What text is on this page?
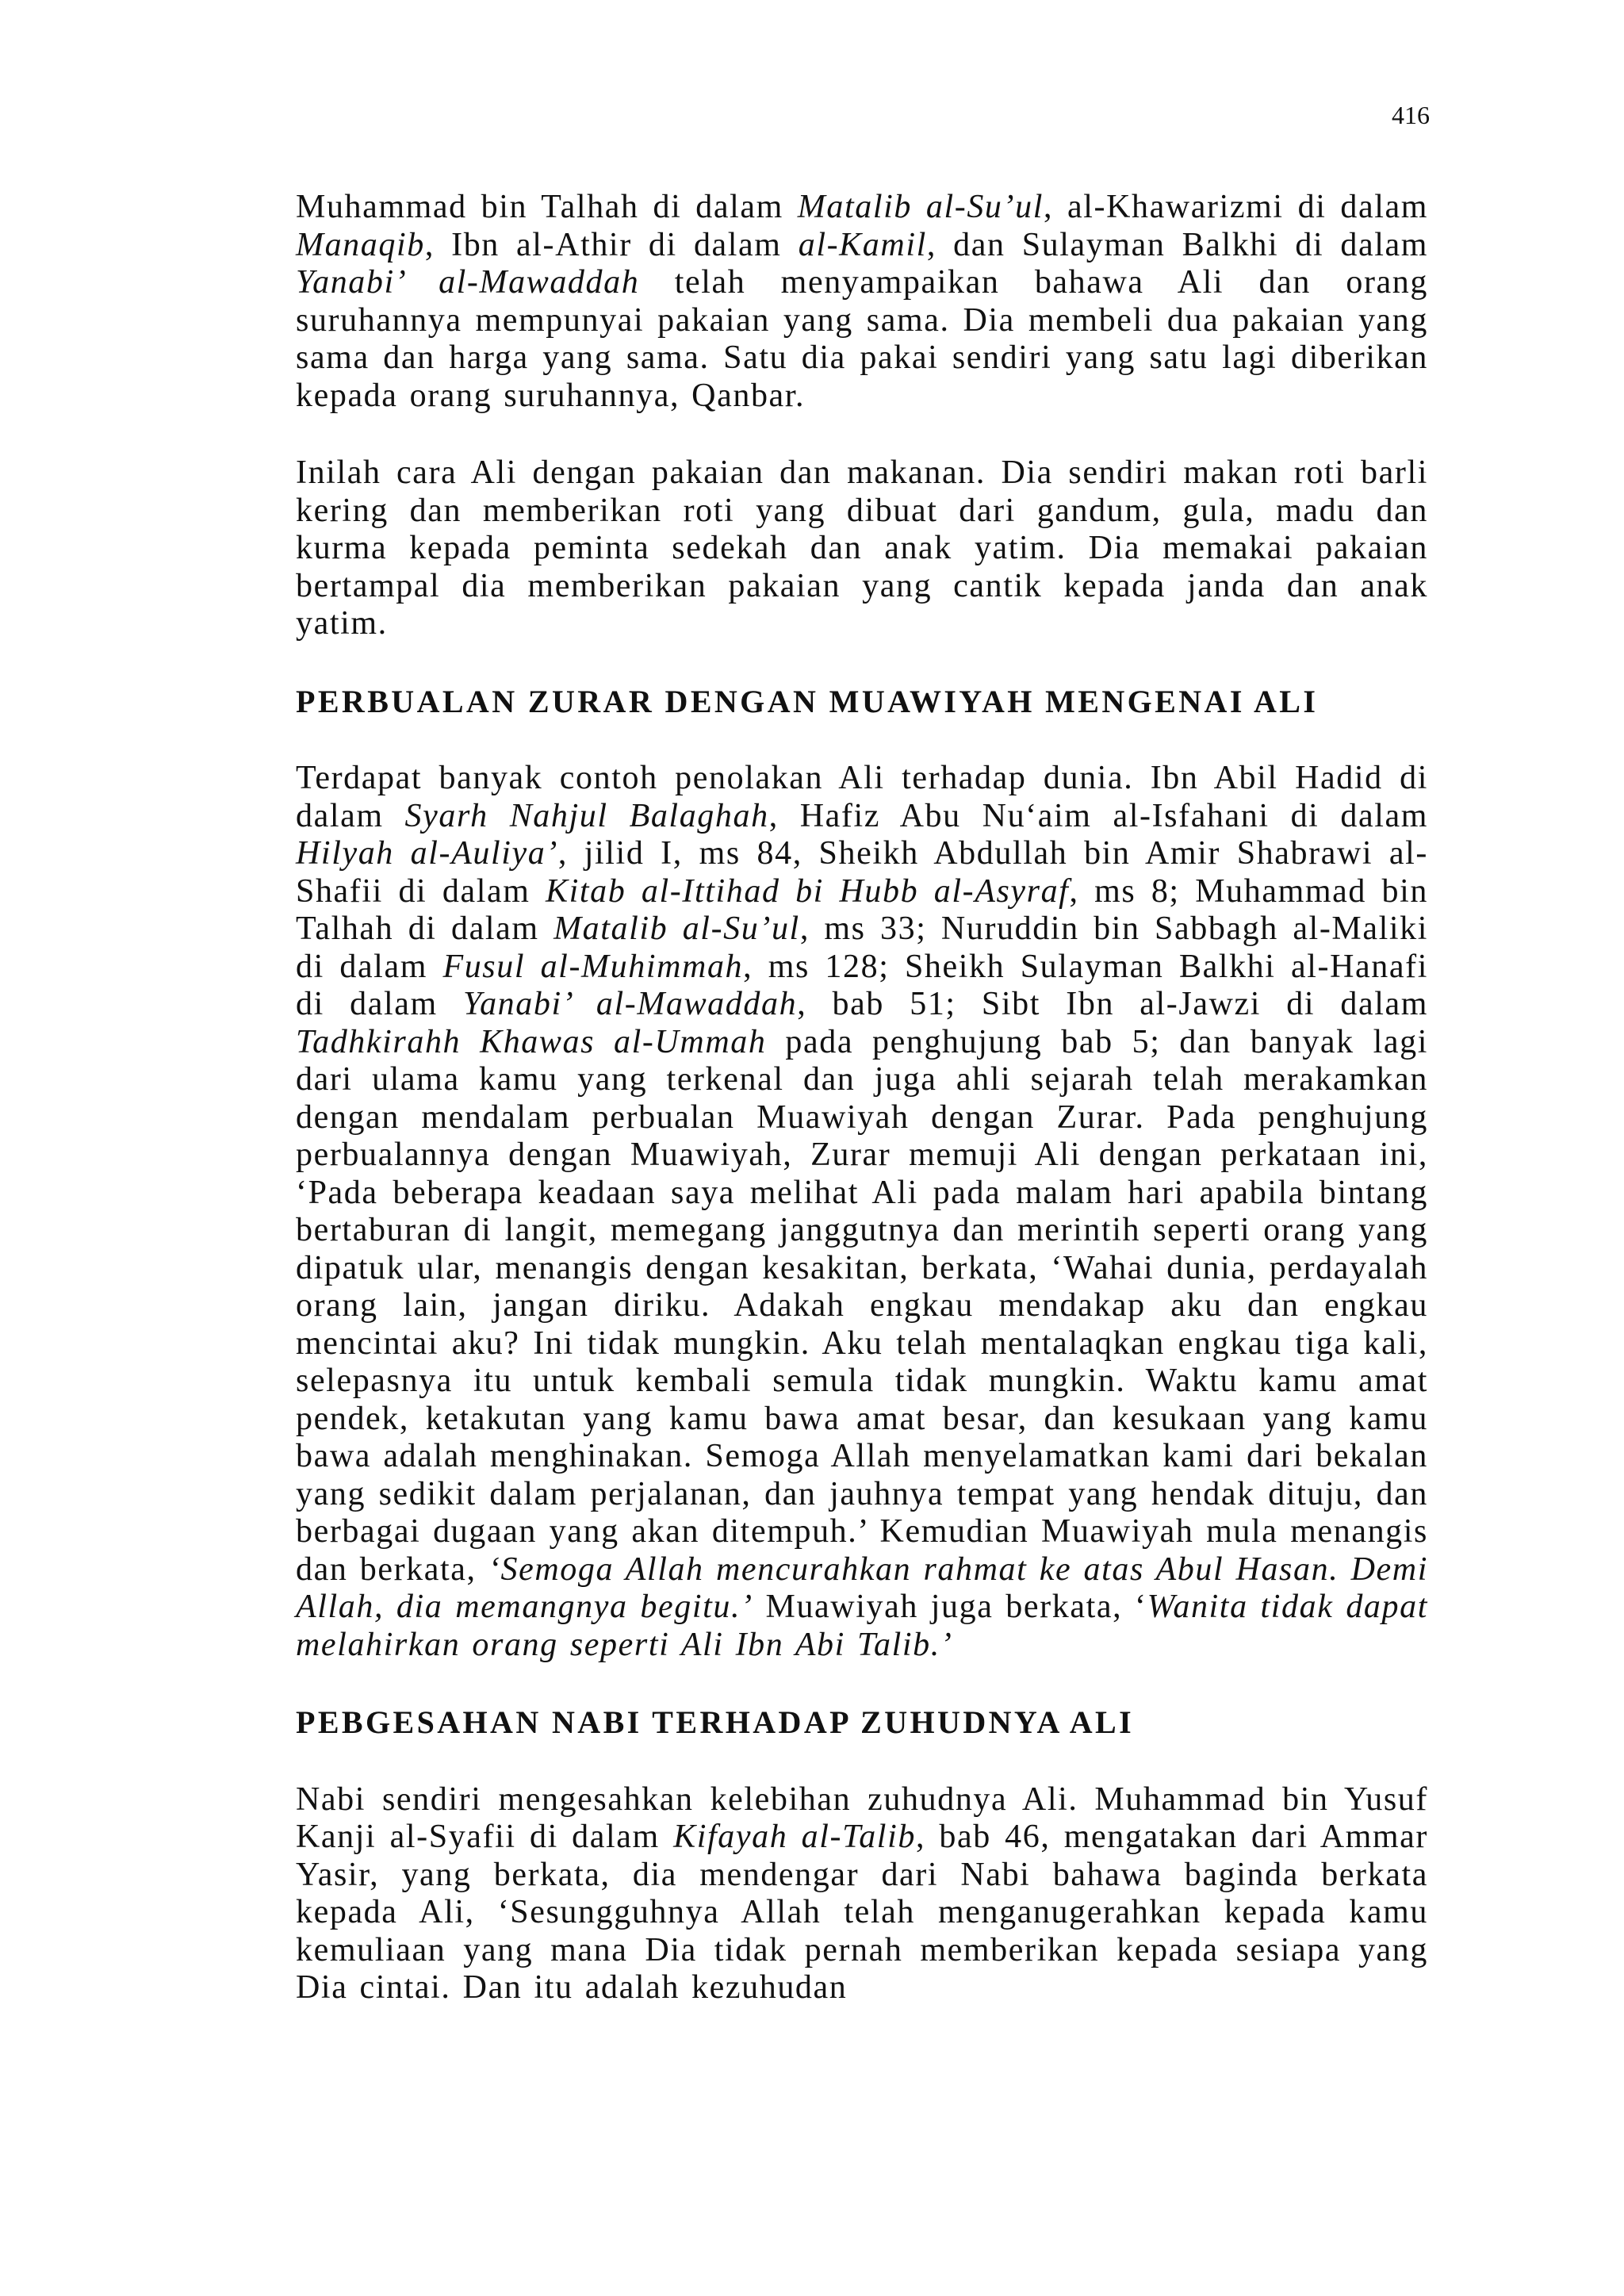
416

Muhammad bin Talhah di dalam Matalib al-Su’ul, al-Khawarizmi di dalam Manaqib, Ibn al-Athir di dalam al-Kamil, dan Sulayman Balkhi di dalam Yanabi’ al-Mawaddah telah menyampaikan bahawa Ali dan orang suruhannya mempunyai pakaian yang sama. Dia membeli dua pakaian yang sama dan harga yang sama. Satu dia pakai sendiri yang satu lagi diberikan kepada orang suruhannya, Qanbar.

Inilah cara Ali dengan pakaian dan makanan. Dia sendiri makan roti barli kering dan memberikan roti yang dibuat dari gandum, gula, madu dan kurma kepada peminta sedekah dan anak yatim. Dia memakai pakaian bertampal dia memberikan pakaian yang cantik kepada janda dan anak yatim.

PERBUALAN ZURAR DENGAN MUAWIYAH MENGENAI ALI

Terdapat banyak contoh penolakan Ali terhadap dunia. Ibn Abil Hadid di dalam Syarh Nahjul Balaghah, Hafiz Abu Nu‘aim al-Isfahani di dalam Hilyah al-Auliya’, jilid I, ms 84, Sheikh Abdullah bin Amir Shabrawi al-Shafii di dalam Kitab al-Ittihad bi Hubb al-Asyraf, ms 8; Muhammad bin Talhah di dalam Matalib al-Su’ul, ms 33; Nuruddin bin Sabbagh al-Maliki di dalam Fusul al-Muhimmah, ms 128; Sheikh Sulayman Balkhi al-Hanafi di dalam Yanabi’ al-Mawaddah, bab 51; Sibt Ibn al-Jawzi di dalam Tadhkirahh Khawas al-Ummah pada penghujung bab 5; dan banyak lagi dari ulama kamu yang terkenal dan juga ahli sejarah telah merakamkan dengan mendalam perbualan Muawiyah dengan Zurar. Pada penghujung perbualannya dengan Muawiyah, Zurar memuji Ali dengan perkataan ini, ‘Pada beberapa keadaan saya melihat Ali pada malam hari apabila bintang bertaburan di langit, memegang janggutnya dan merintih seperti orang yang dipatuk ular, menangis dengan kesakitan, berkata, ‘Wahai dunia, perdayalah orang lain, jangan diriku. Adakah engkau mendakap aku dan engkau mencintai aku? Ini tidak mungkin. Aku telah mentalaqkan engkau tiga kali, selepasnya itu untuk kembali semula tidak mungkin. Waktu kamu amat pendek, ketakutan yang kamu bawa amat besar, dan kesukaan yang kamu bawa adalah menghinakan. Semoga Allah menyelamatkan kami dari bekalan yang sedikit dalam perjalanan, dan jauhnya tempat yang hendak dituju, dan berbagai dugaan yang akan ditempuh.’ Kemudian Muawiyah mula menangis dan berkata, ‘Semoga Allah mencurahkan rahmat ke atas Abul Hasan. Demi Allah, dia memangnya begitu.’ Muawiyah juga berkata, ‘Wanita tidak dapat melahirkan orang seperti Ali Ibn Abi Talib.’

PEBGESAHAN NABI TERHADAP ZUHUDNYA ALI

Nabi sendiri mengesahkan kelebihan zuhudnya Ali. Muhammad bin Yusuf Kanji al-Syafii di dalam Kifayah al-Talib, bab 46, mengatakan dari Ammar Yasir, yang berkata, dia mendengar dari Nabi bahawa baginda berkata kepada Ali, ‘Sesungguhnya Allah telah menganugerahkan kepada kamu kemuliaan yang mana Dia tidak pernah memberikan kepada sesiapa yang Dia cintai. Dan itu adalah kezuhudan
